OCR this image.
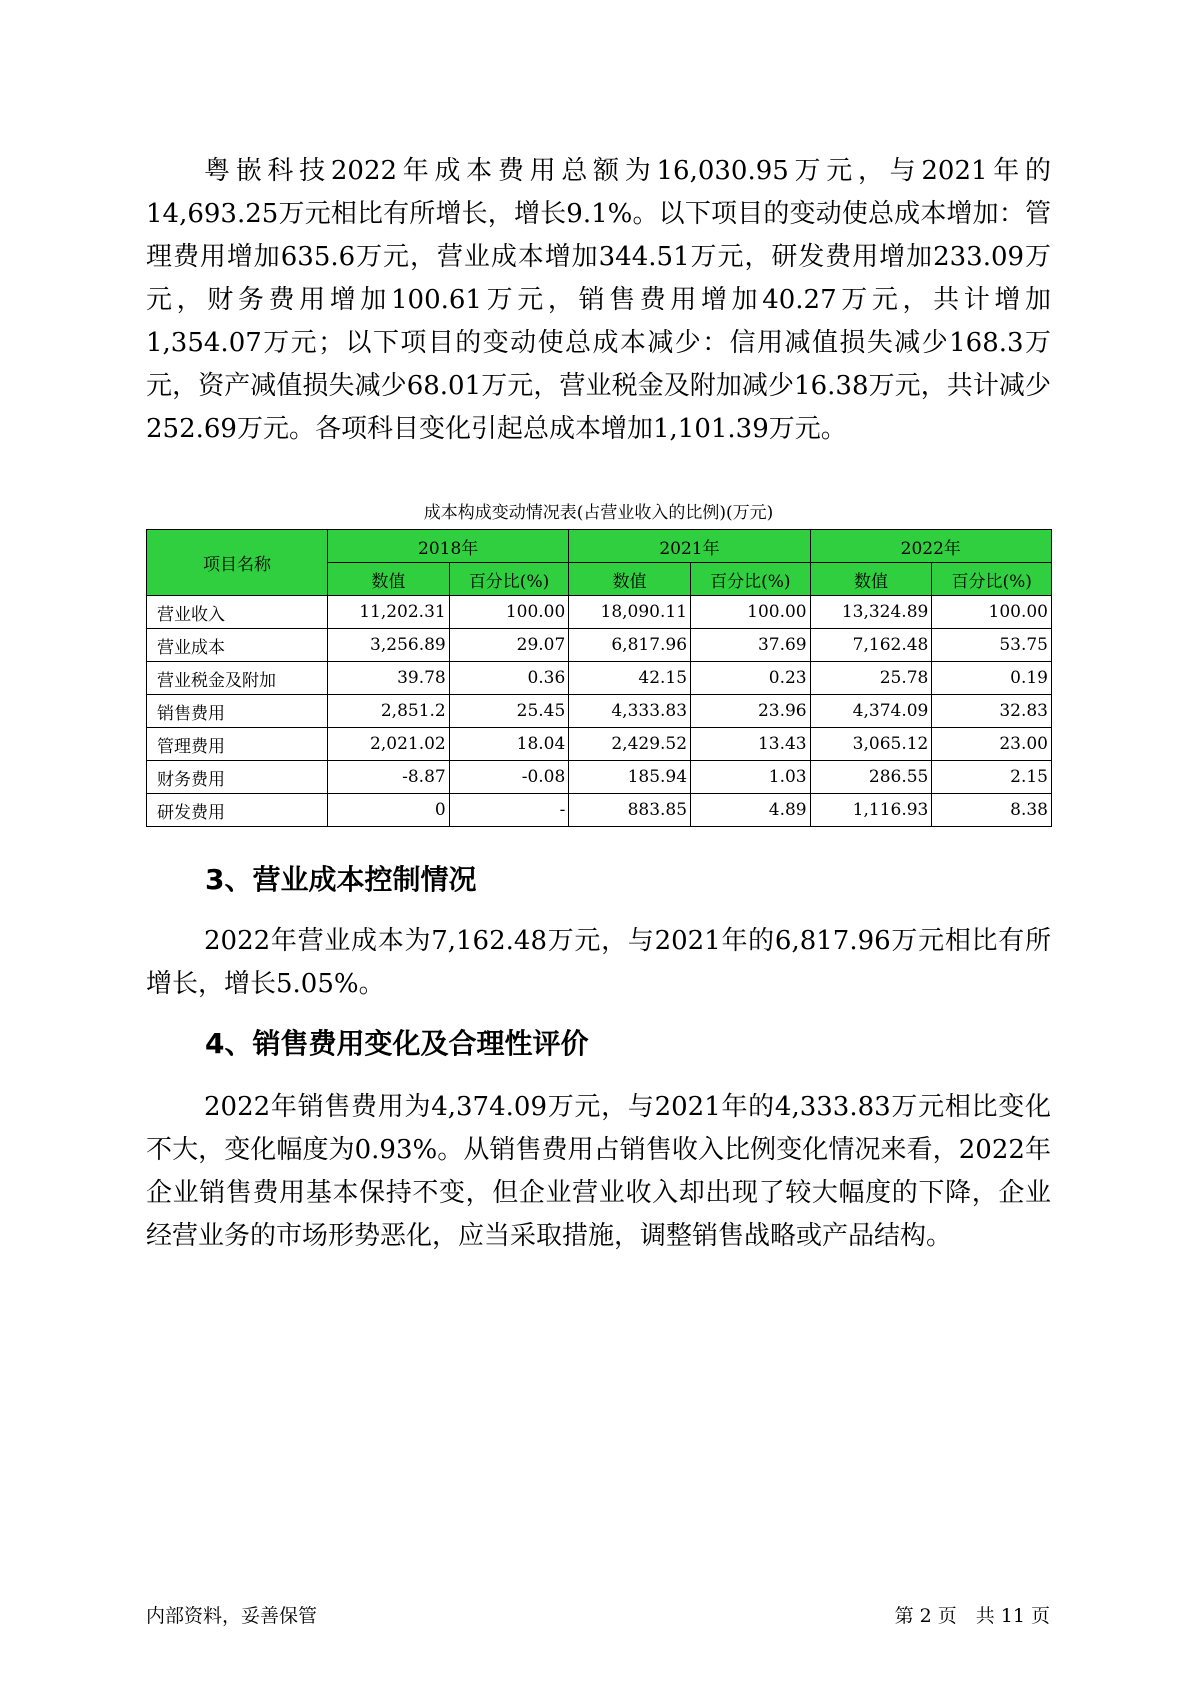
粤嵌科技2022年成本费用总额为16,030.95万元，与2021年的14,693.25万元相比有所增长，增长9.1%。以下项目的变动使总成本增加：管理费用增加635.6万元，营业成本增加344.51万元，研发费用增加233.09万元，财务费用增加100.61万元，销售费用增加40.27万元，共计增加1,354.07万元；以下项目的变动使总成本减少：信用减值损失减少168.3万元，资产减值损失减少68.01万元，营业税金及附加减少16.38万元，共计减少252.69万元。各项科目变化引起总成本增加1,101.39万元。

成本构成变动情况表(占营业收入的比例)(万元)
项目名称	2018年		2021年		2022年	
	数值	百分比(%)	数值	百分比(%)	数值	百分比(%)
营业收入	11,202.31	100.00	18,090.11	100.00	13,324.89	100.00
营业成本	3,256.89	29.07	6,817.96	37.69	7,162.48	53.75
营业税金及附加	39.78	0.36	42.15	0.23	25.78	0.19
销售费用	2,851.2	25.45	4,333.83	23.96	4,374.09	32.83
管理费用	2,021.02	18.04	2,429.52	13.43	3,065.12	23.00
财务费用	-8.87	-0.08	185.94	1.03	286.55	2.15
研发费用	0	-	883.85	4.89	1,116.93	8.38
3、营业成本控制情况

2022年营业成本为7,162.48万元，与2021年的6,817.96万元相比有所增长，增长5.05%。

4、销售费用变化及合理性评价

2022年销售费用为4,374.09万元，与2021年的4,333.83万元相比变化不大，变化幅度为0.93%。从销售费用占销售收入比例变化情况来看，2022年企业销售费用基本保持不变，但企业营业收入却出现了较大幅度的下降，企业经营业务的市场形势恶化，应当采取措施，调整销售战略或产品结构。

内部资料，妥善保管	第 2 页　共 11 页
